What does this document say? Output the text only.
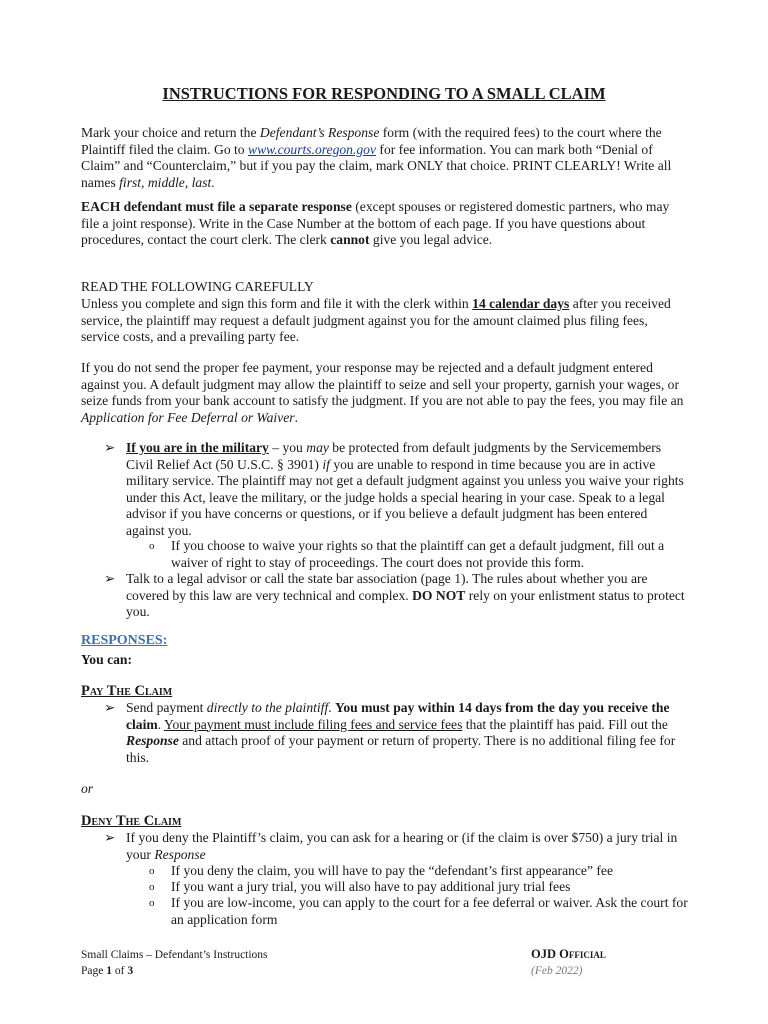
INSTRUCTIONS FOR RESPONDING TO A SMALL CLAIM

Mark your choice and return the Defendant’s Response form (with the required fees) to the court where the Plaintiff filed the claim. Go to www.courts.oregon.gov for fee information. You can mark both “Denial of Claim” and “Counterclaim,” but if you pay the claim, mark ONLY that choice. PRINT CLEARLY! Write all names first, middle, last.

EACH defendant must file a separate response (except spouses or registered domestic partners, who may file a joint response). Write in the Case Number at the bottom of each page. If you have questions about procedures, contact the court clerk. The clerk cannot give you legal advice.

READ THE FOLLOWING CAREFULLY

Unless you complete and sign this form and file it with the clerk within 14 calendar days after you received service, the plaintiff may request a default judgment against you for the amount claimed plus filing fees, service costs, and a prevailing party fee.

If you do not send the proper fee payment, your response may be rejected and a default judgment entered against you. A default judgment may allow the plaintiff to seize and sell your property, garnish your wages, or seize funds from your bank account to satisfy the judgment. If you are not able to pay the fees, you may file an Application for Fee Deferral or Waiver.

➢ If you are in the military – you may be protected from default judgments by the Servicemembers Civil Relief Act (50 U.S.C. § 3901) if you are unable to respond in time because you are in active military service. The plaintiff may not get a default judgment against you unless you waive your rights under this Act, leave the military, or the judge holds a special hearing in your case. Speak to a legal advisor if you have concerns or questions, or if you believe a default judgment has been entered against you.

o	If you choose to waive your rights so that the plaintiff can get a default judgment, fill out a waiver of right to stay of proceedings. The court does not provide this form.

➢ Talk to a legal advisor or call the state bar association (page 1). The rules about whether you are covered by this law are very technical and complex. DO NOT rely on your enlistment status to protect you.

RESPONSES:
You can:
Pay The Claim
➢ Send payment directly to the plaintiff. You must pay within 14 days from the day you receive the claim. Your payment must include filing fees and service fees that the plaintiff has paid. Fill out the Response and attach proof of your payment or return of property. There is no additional filing fee for this.

or
Deny The Claim
➢ If you deny the Plaintiff’s claim, you can ask for a hearing or (if the claim is over $750) a jury trial in your Response

o	If you deny the claim, you will have to pay the “defendant’s first appearance” fee

o	If you want a jury trial, you will also have to pay additional jury trial fees

o	If you are low-income, you can apply to the court for a fee deferral or waiver. Ask the court for an application form

Small Claims – Defendant’s Instructions
Page 1 of 3
OJD Official
(Feb 2022)
